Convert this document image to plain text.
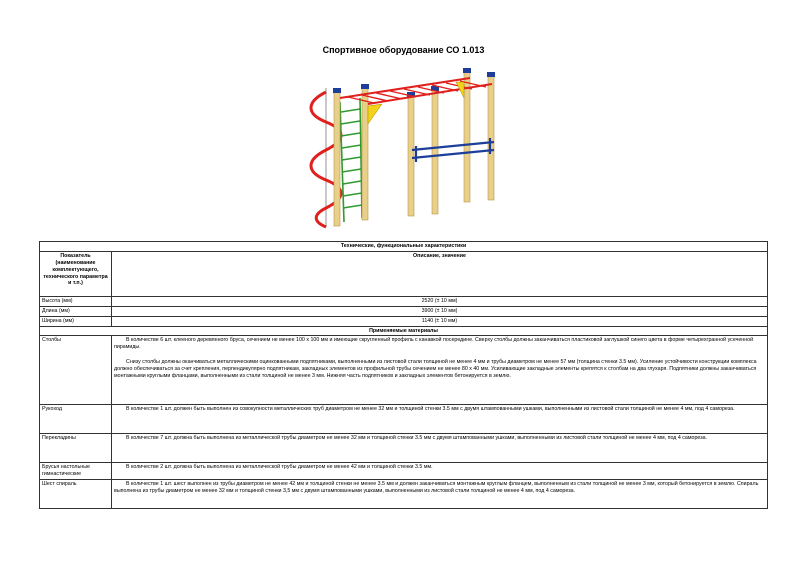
Спортивное оборудование СО 1.013
Технические, функциональные характеристики	
Показатель (наименование комплектующего, технического параметра и т.п.)	Описание, значение
Высота (мм)	2520 (± 10 мм)
Длина (мм)	3900 (± 10 мм)
Ширина (мм)	1140 (± 10 мм)
Применяемые материалы	
Столбы	В количестве 6 шт. клееного деревянного бруса, сечением не менее 100 х 100 мм и имеющие скругленный профиль с канавкой посередине. Сверху столбы должны заканчиваться пластиковой заглушкой синего цвета в форме четырехгранной усеченной пирамиды.

Снизу столбы должны оканчиваться металлическими оцинкованными подпятниками, выполненными из листовой стали толщиной не менее 4 мм и трубы диаметром не менее 57 мм (толщина стенки 3.5 мм). Усиление устойчивости конструкции комплекса должно обеспечиваться за счет крепления, перпендикулярно подпятникам, закладных элементов из профильной трубы сечением не менее 80 х 40 мм. Усиливающие закладные элементы крепятся к столбам на два глухаря. Подпятники должны заканчиваться монтажными круглыми фланцами, выполненными из стали толщиной не менее 3 мм. Нижняя часть подпятников и закладных элементов бетонируется в землю.

Рукоход	В количестве 1 шт. должен быть выполнен из совокупности металлических труб диаметром не менее 32 мм и толщиной стенки 3.5 мм с двумя штампованными ушками, выполненными из листовой стали толщиной не менее 4 мм, под 4 самореза.

Перекладины	В количестве 7 шт. должна быть выполнена из металлической трубы диаметром не менее 32 мм и толщиной стенки 3.5 мм с двумя штампованными ушками, выполненными из листовой стали толщиной не менее 4 мм, под 4 самореза.

Брусья настольные гимнастические	В количестве 2 шт. должна быть выполнена из металлической трубы диаметром не менее 42 мм и толщиной стенки 3.5 мм.

Шест спираль	В количестве 1 шт. шест выполнен из трубы диаметром не менее 42 мм и толщиной стенки не менее 3.5 мм и должен заканчиваться монтажным круглым фланцем, выполненным из стали толщиной не менее 3 мм, который бетонируется в землю. Спираль выполнена из трубы диаметром не менее 32 мм и толщиной стенки 3,5 мм с двумя штампованными ушками, выполненными из листовой стали толщиной не менее 4 мм, под 4 самореза.
